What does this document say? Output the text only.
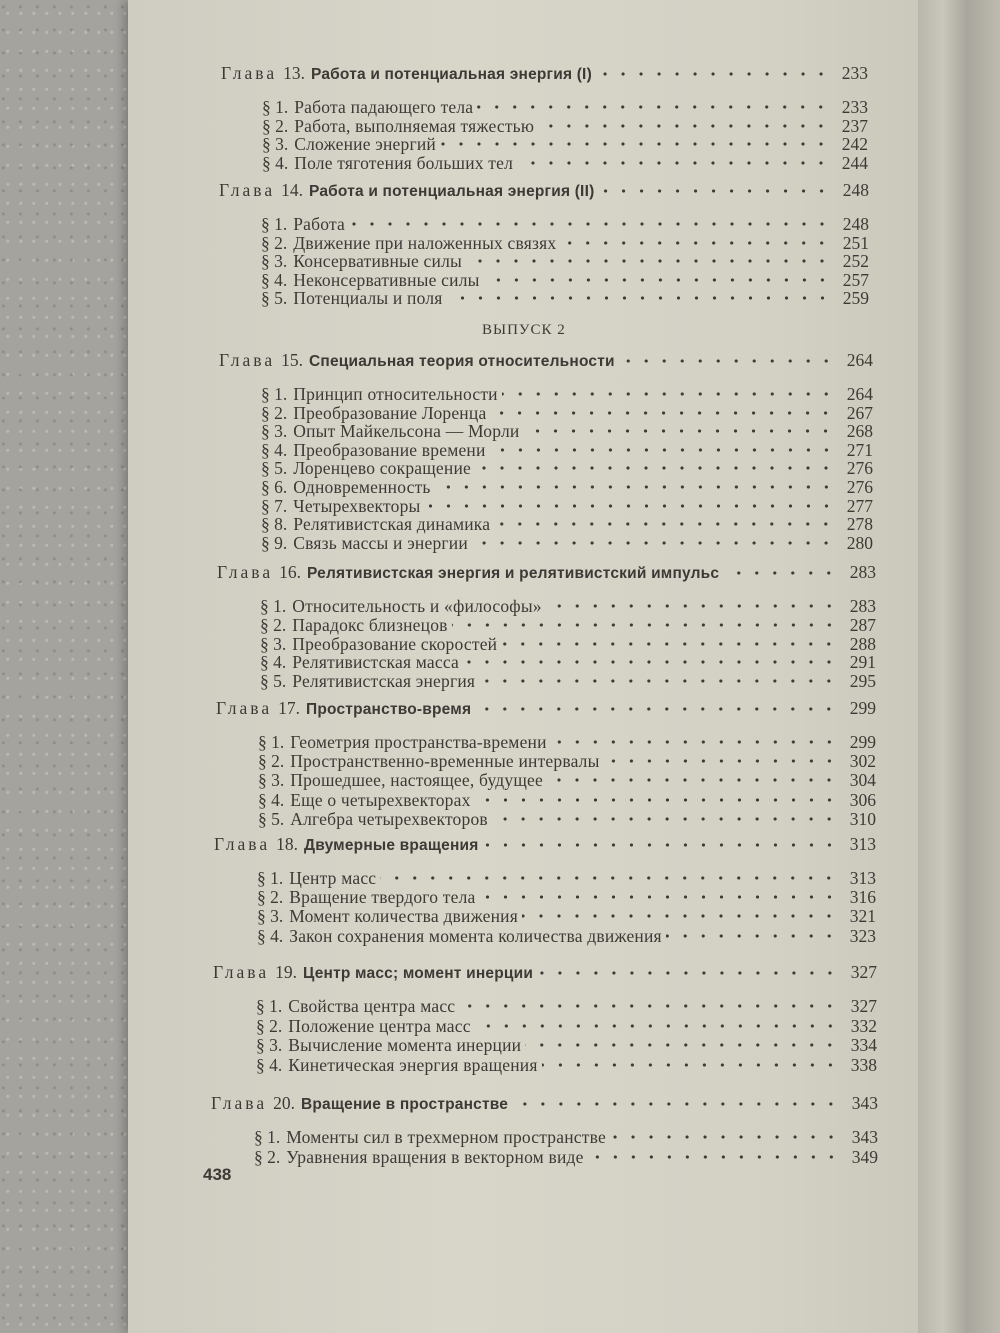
Глава 13. Работа и потенциальная энергия (I)	233
§ 1. Работа падающего тела	233
§ 2. Работа, выполняемая тяжестью	237
§ 3. Сложение энергий	242
§ 4. Поле тяготения больших тел	244
Глава 14. Работа и потенциальная энергия (II)	248
§ 1. Работа	248
§ 2. Движение при наложенных связях	251
§ 3. Консервативные силы	252
§ 4. Неконсервативные силы	257
§ 5. Потенциалы и поля	259
Глава 15. Специальная теория относительности	264
§ 1. Принцип относительности	264
§ 2. Преобразование Лоренца	267
§ 3. Опыт Майкельсона — Морли	268
§ 4. Преобразование времени	271
§ 5. Лоренцево сокращение	276
§ 6. Одновременность	276
§ 7. Четырехвекторы	277
§ 8. Релятивистская динамика	278
§ 9. Связь массы и энергии	280
Глава 16. Релятивистская энергия и релятивистский импульс	283
§ 1. Относительность и «философы»	283
§ 2. Парадокс близнецов	287
§ 3. Преобразование скоростей	288
§ 4. Релятивистская масса	291
§ 5. Релятивистская энергия	295
Глава 17. Пространство-время	299
§ 1. Геометрия пространства-времени	299
§ 2. Пространственно-временные интервалы	302
§ 3. Прошедшее, настоящее, будущее	304
§ 4. Еще о четырехвекторах	306
§ 5. Алгебра четырехвекторов	310
Глава 18. Двумерные вращения	313
§ 1. Центр масс	313
§ 2. Вращение твердого тела	316
§ 3. Момент количества движения	321
§ 4. Закон сохранения момента количества движения	323
Глава 19. Центр масс; момент инерции	327
§ 1. Свойства центра масс	327
§ 2. Положение центра масс	332
§ 3. Вычисление момента инерции	334
§ 4. Кинетическая энергия вращения	338
Глава 20. Вращение в пространстве	343
§ 1. Моменты сил в трехмерном пространстве	343
§ 2. Уравнения вращения в векторном виде	349
ВЫПУСК 2
438
